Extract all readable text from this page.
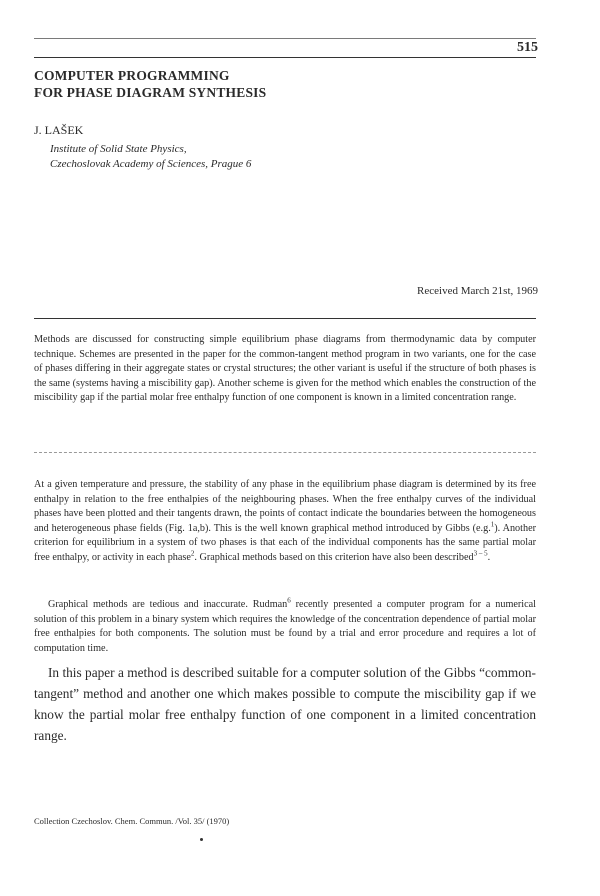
515
COMPUTER PROGRAMMING
FOR PHASE DIAGRAM SYNTHESIS
J. LAŠEK
Institute of Solid State Physics,
Czechoslovak Academy of Sciences, Prague 6
Received March 21st, 1969

Methods are discussed for constructing simple equilibrium phase diagrams from thermodynamic data by computer technique. Schemes are presented in the paper for the common-tangent method program in two variants, one for the case of phases differing in their aggregate states or crystal structures; the other variant is useful if the structure of both phases is the same (systems having a miscibility gap). Another scheme is given for the method which enables the construction of the miscibility gap if the partial molar free enthalpy function of one component is known in a limited concentration range.

At a given temperature and pressure, the stability of any phase in the equilibrium phase diagram is determined by its free enthalpy in relation to the free enthalpies of the neighbouring phases. When the free enthalpy curves of the individual phases have been plotted and their tangents drawn, the points of contact indicate the boundaries between the homogeneous and heterogeneous phase fields (Fig. 1a,b). This is the well known graphical method introduced by Gibbs (e.g.$^1$). Another criterion for equilibrium in a system of two phases is that each of the individual components has the same partial molar free enthalpy, or activity in each phase$^2$. Graphical methods based on this criterion have also been described$^{3 - 5}$.

Graphical methods are tedious and inaccurate. Rudman$^6$ recently presented a computer program for a numerical solution of this problem in a binary system which requires the knowledge of the concentration dependence of partial molar free enthalpies for both components. The solution must be found by a trial and error procedure and requires a lot of computation time.

In this paper a method is described suitable for a computer solution of the Gibbs “common-tangent” method and another one which makes possible to compute the miscibility gap if we know the partial molar free enthalpy function of one component in a limited concentration range.

Collection Czechoslov. Chem. Commun. /Vol. 35/ (1970)
